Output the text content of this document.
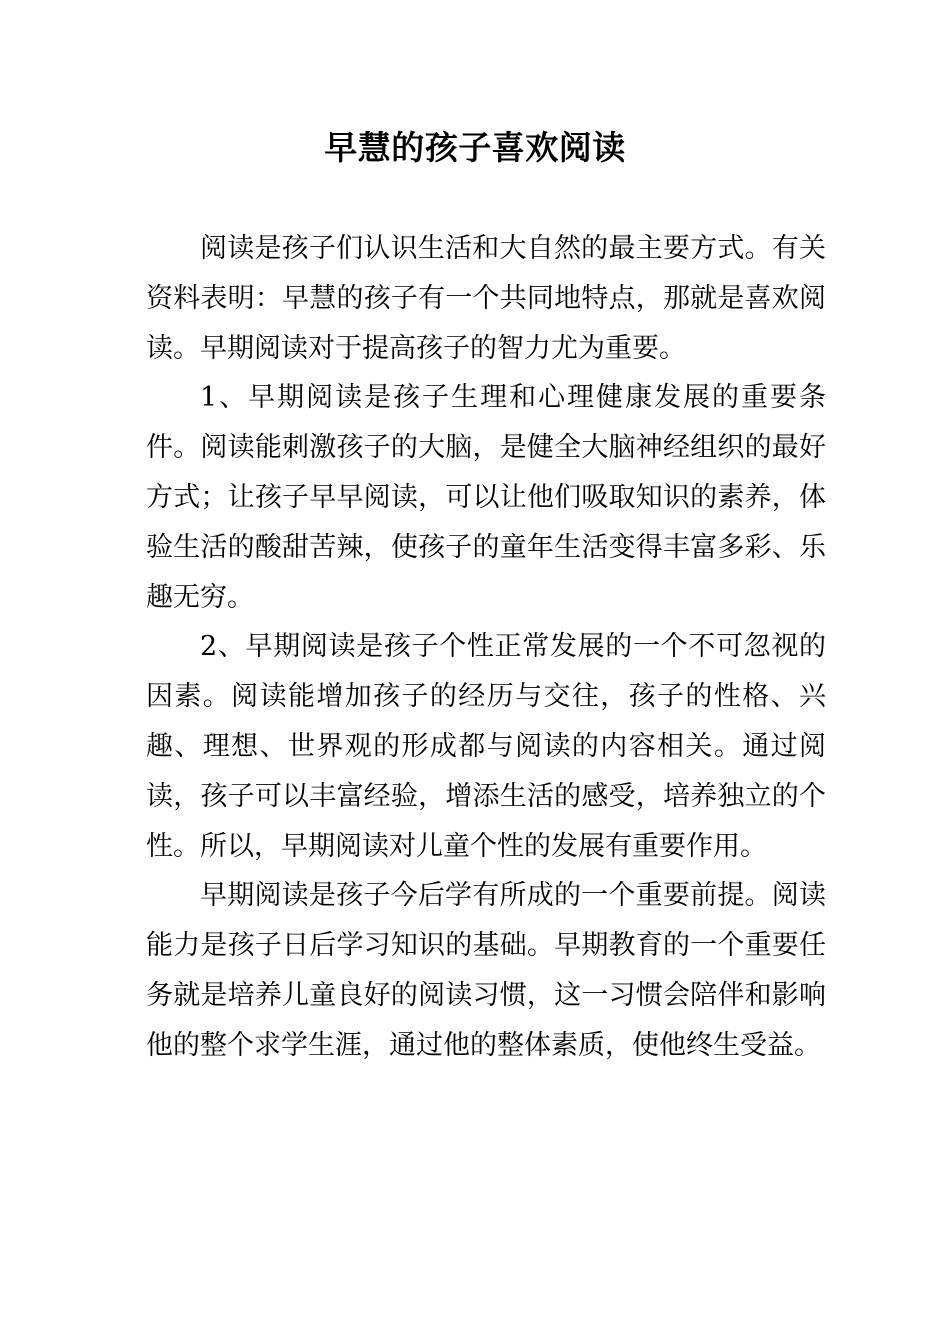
早慧的孩子喜欢阅读

阅读是孩子们认识生活和大自然的最主要方式。有关资料表明：早慧的孩子有一个共同地特点，那就是喜欢阅读。早期阅读对于提高孩子的智力尤为重要。

1、早期阅读是孩子生理和心理健康发展的重要条件。阅读能刺激孩子的大脑，是健全大脑神经组织的最好方式；让孩子早早阅读，可以让他们吸取知识的素养，体验生活的酸甜苦辣，使孩子的童年生活变得丰富多彩、乐趣无穷。

2、早期阅读是孩子个性正常发展的一个不可忽视的因素。阅读能增加孩子的经历与交往，孩子的性格、兴趣、理想、世界观的形成都与阅读的内容相关。通过阅读，孩子可以丰富经验，增添生活的感受，培养独立的个性。所以，早期阅读对儿童个性的发展有重要作用。

早期阅读是孩子今后学有所成的一个重要前提。阅读能力是孩子日后学习知识的基础。早期教育的一个重要任务就是培养儿童良好的阅读习惯，这一习惯会陪伴和影响他的整个求学生涯，通过他的整体素质，使他终生受益。
